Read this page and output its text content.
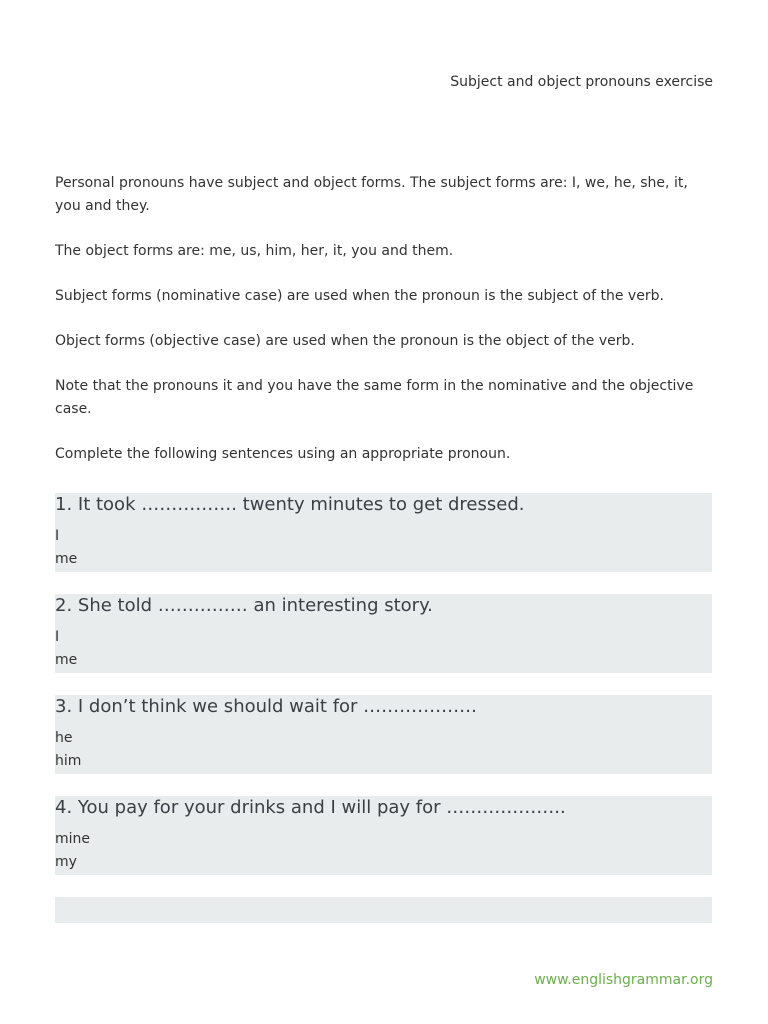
Subject and object pronouns exercise

Personal pronouns have subject and object forms. The subject forms are: I, we, he, she, it, you and they.

The object forms are: me, us, him, her, it, you and them.

Subject forms (nominative case) are used when the pronoun is the subject of the verb.

Object forms (objective case) are used when the pronoun is the object of the verb.

Note that the pronouns it and you have the same form in the nominative and the objective case.

Complete the following sentences using an appropriate pronoun.

1. It took ……………. twenty minutes to get dressed.

I
me

2. She told …………… an interesting story.

I
me

3. I don’t think we should wait for ……………….

he
him

4. You pay for your drinks and I will pay for ………………..

mine
my
www.englishgrammar.org
